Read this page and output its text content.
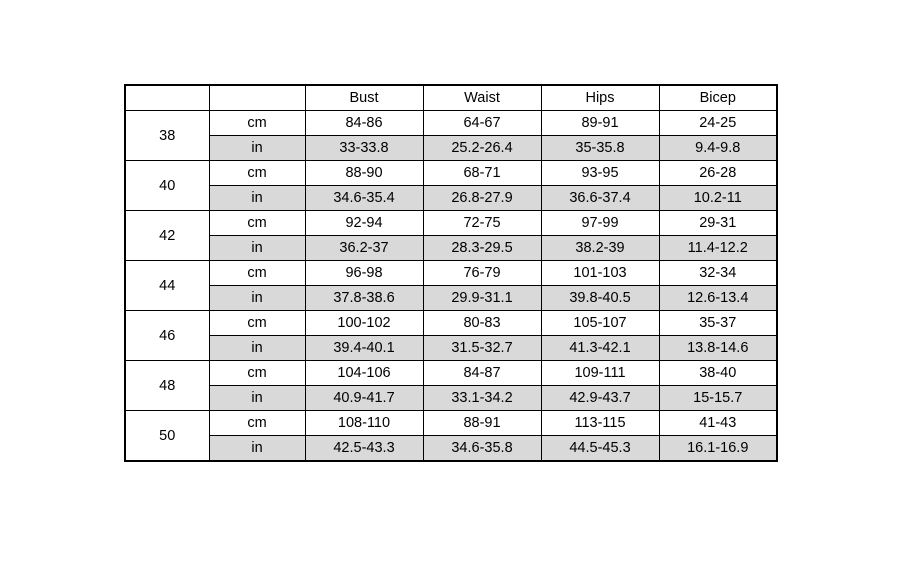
		Bust	Waist	Hips	Bicep
38	cm	84-86	64-67	89-91	24-25
	in	33-33.8	25.2-26.4	35-35.8	9.4-9.8
40	cm	88-90	68-71	93-95	26-28
	in	34.6-35.4	26.8-27.9	36.6-37.4	10.2-11
42	cm	92-94	72-75	97-99	29-31
	in	36.2-37	28.3-29.5	38.2-39	11.4-12.2
44	cm	96-98	76-79	101-103	32-34
	in	37.8-38.6	29.9-31.1	39.8-40.5	12.6-13.4
46	cm	100-102	80-83	105-107	35-37
	in	39.4-40.1	31.5-32.7	41.3-42.1	13.8-14.6
48	cm	104-106	84-87	109-111	38-40
	in	40.9-41.7	33.1-34.2	42.9-43.7	15-15.7
50	cm	108-110	88-91	113-115	41-43
	in	42.5-43.3	34.6-35.8	44.5-45.3	16.1-16.9
